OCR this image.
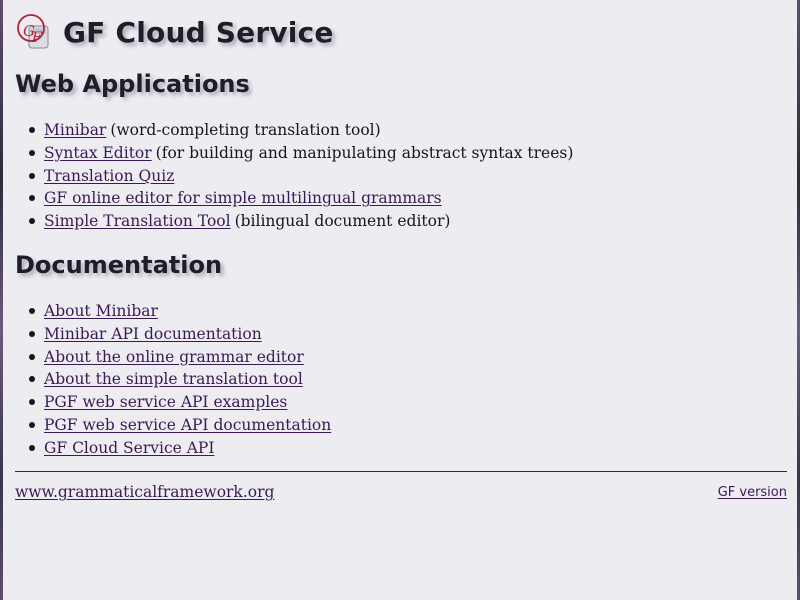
G
F GF Cloud Service
Web Applications
Minibar (word-completing translation tool)
Syntax Editor (for building and manipulating abstract syntax trees)
Translation Quiz
GF online editor for simple multilingual grammars
Simple Translation Tool (bilingual document editor)
Documentation
About Minibar
Minibar API documentation
About the online grammar editor
About the simple translation tool
PGF web service API examples
PGF web service API documentation
GF Cloud Service API
www.grammaticalframework.org	GF version
